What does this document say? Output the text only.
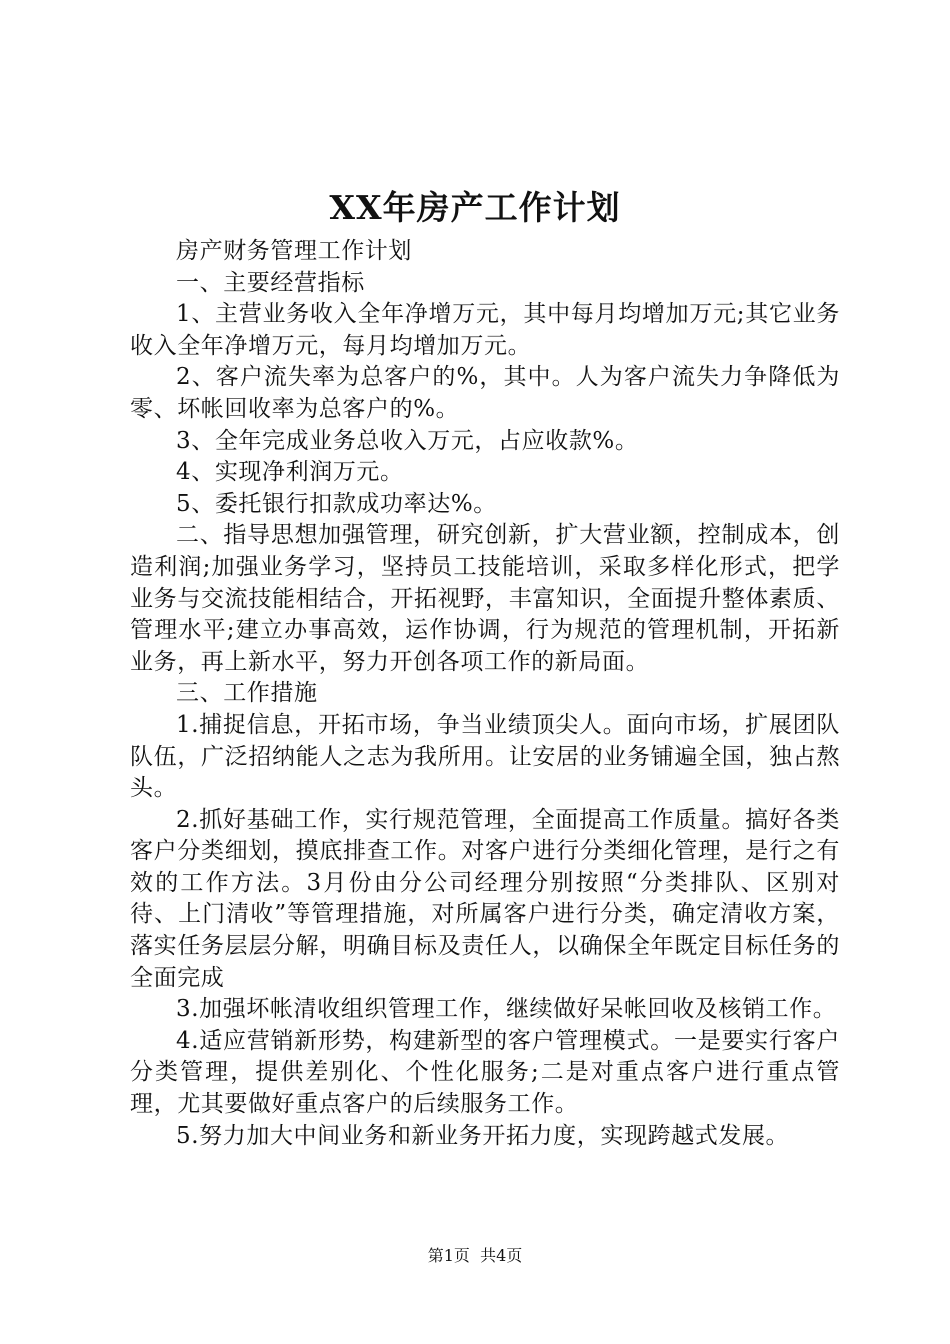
XX年房产工作计划

房产财务管理工作计划

一、主要经营指标

1、主营业务收入全年净增万元，其中每月均增加万元;其它业务收入全年净增万元，每月均增加万元。

2、客户流失率为总客户的%，其中。人为客户流失力争降低为零、坏帐回收率为总客户的%。

3、全年完成业务总收入万元，占应收款%。

4、实现净利润万元。

5、委托银行扣款成功率达%。

二、指导思想加强管理，研究创新，扩大营业额，控制成本，创造利润;加强业务学习，坚持员工技能培训，采取多样化形式，把学业务与交流技能相结合，开拓视野，丰富知识，全面提升整体素质、管理水平;建立办事高效，运作协调，行为规范的管理机制，开拓新业务，再上新水平，努力开创各项工作的新局面。

三、工作措施

1.捕捉信息，开拓市场，争当业绩顶尖人。面向市场，扩展团队队伍，广泛招纳能人之志为我所用。让安居的业务铺遍全国，独占熬头。

2.抓好基础工作，实行规范管理，全面提高工作质量。搞好各类客户分类细划，摸底排查工作。对客户进行分类细化管理，是行之有效的工作方法。3月份由分公司经理分别按照“分类排队、区别对待、上门清收”等管理措施，对所属客户进行分类，确定清收方案，落实任务层层分解，明确目标及责任人，以确保全年既定目标任务的全面完成

3.加强坏帐清收组织管理工作，继续做好呆帐回收及核销工作。

4.适应营销新形势，构建新型的客户管理模式。一是要实行客户分类管理，提供差别化、个性化服务;二是对重点客户进行重点管理，尤其要做好重点客户的后续服务工作。

5.努力加大中间业务和新业务开拓力度，实现跨越式发展。

第1页  共4页
